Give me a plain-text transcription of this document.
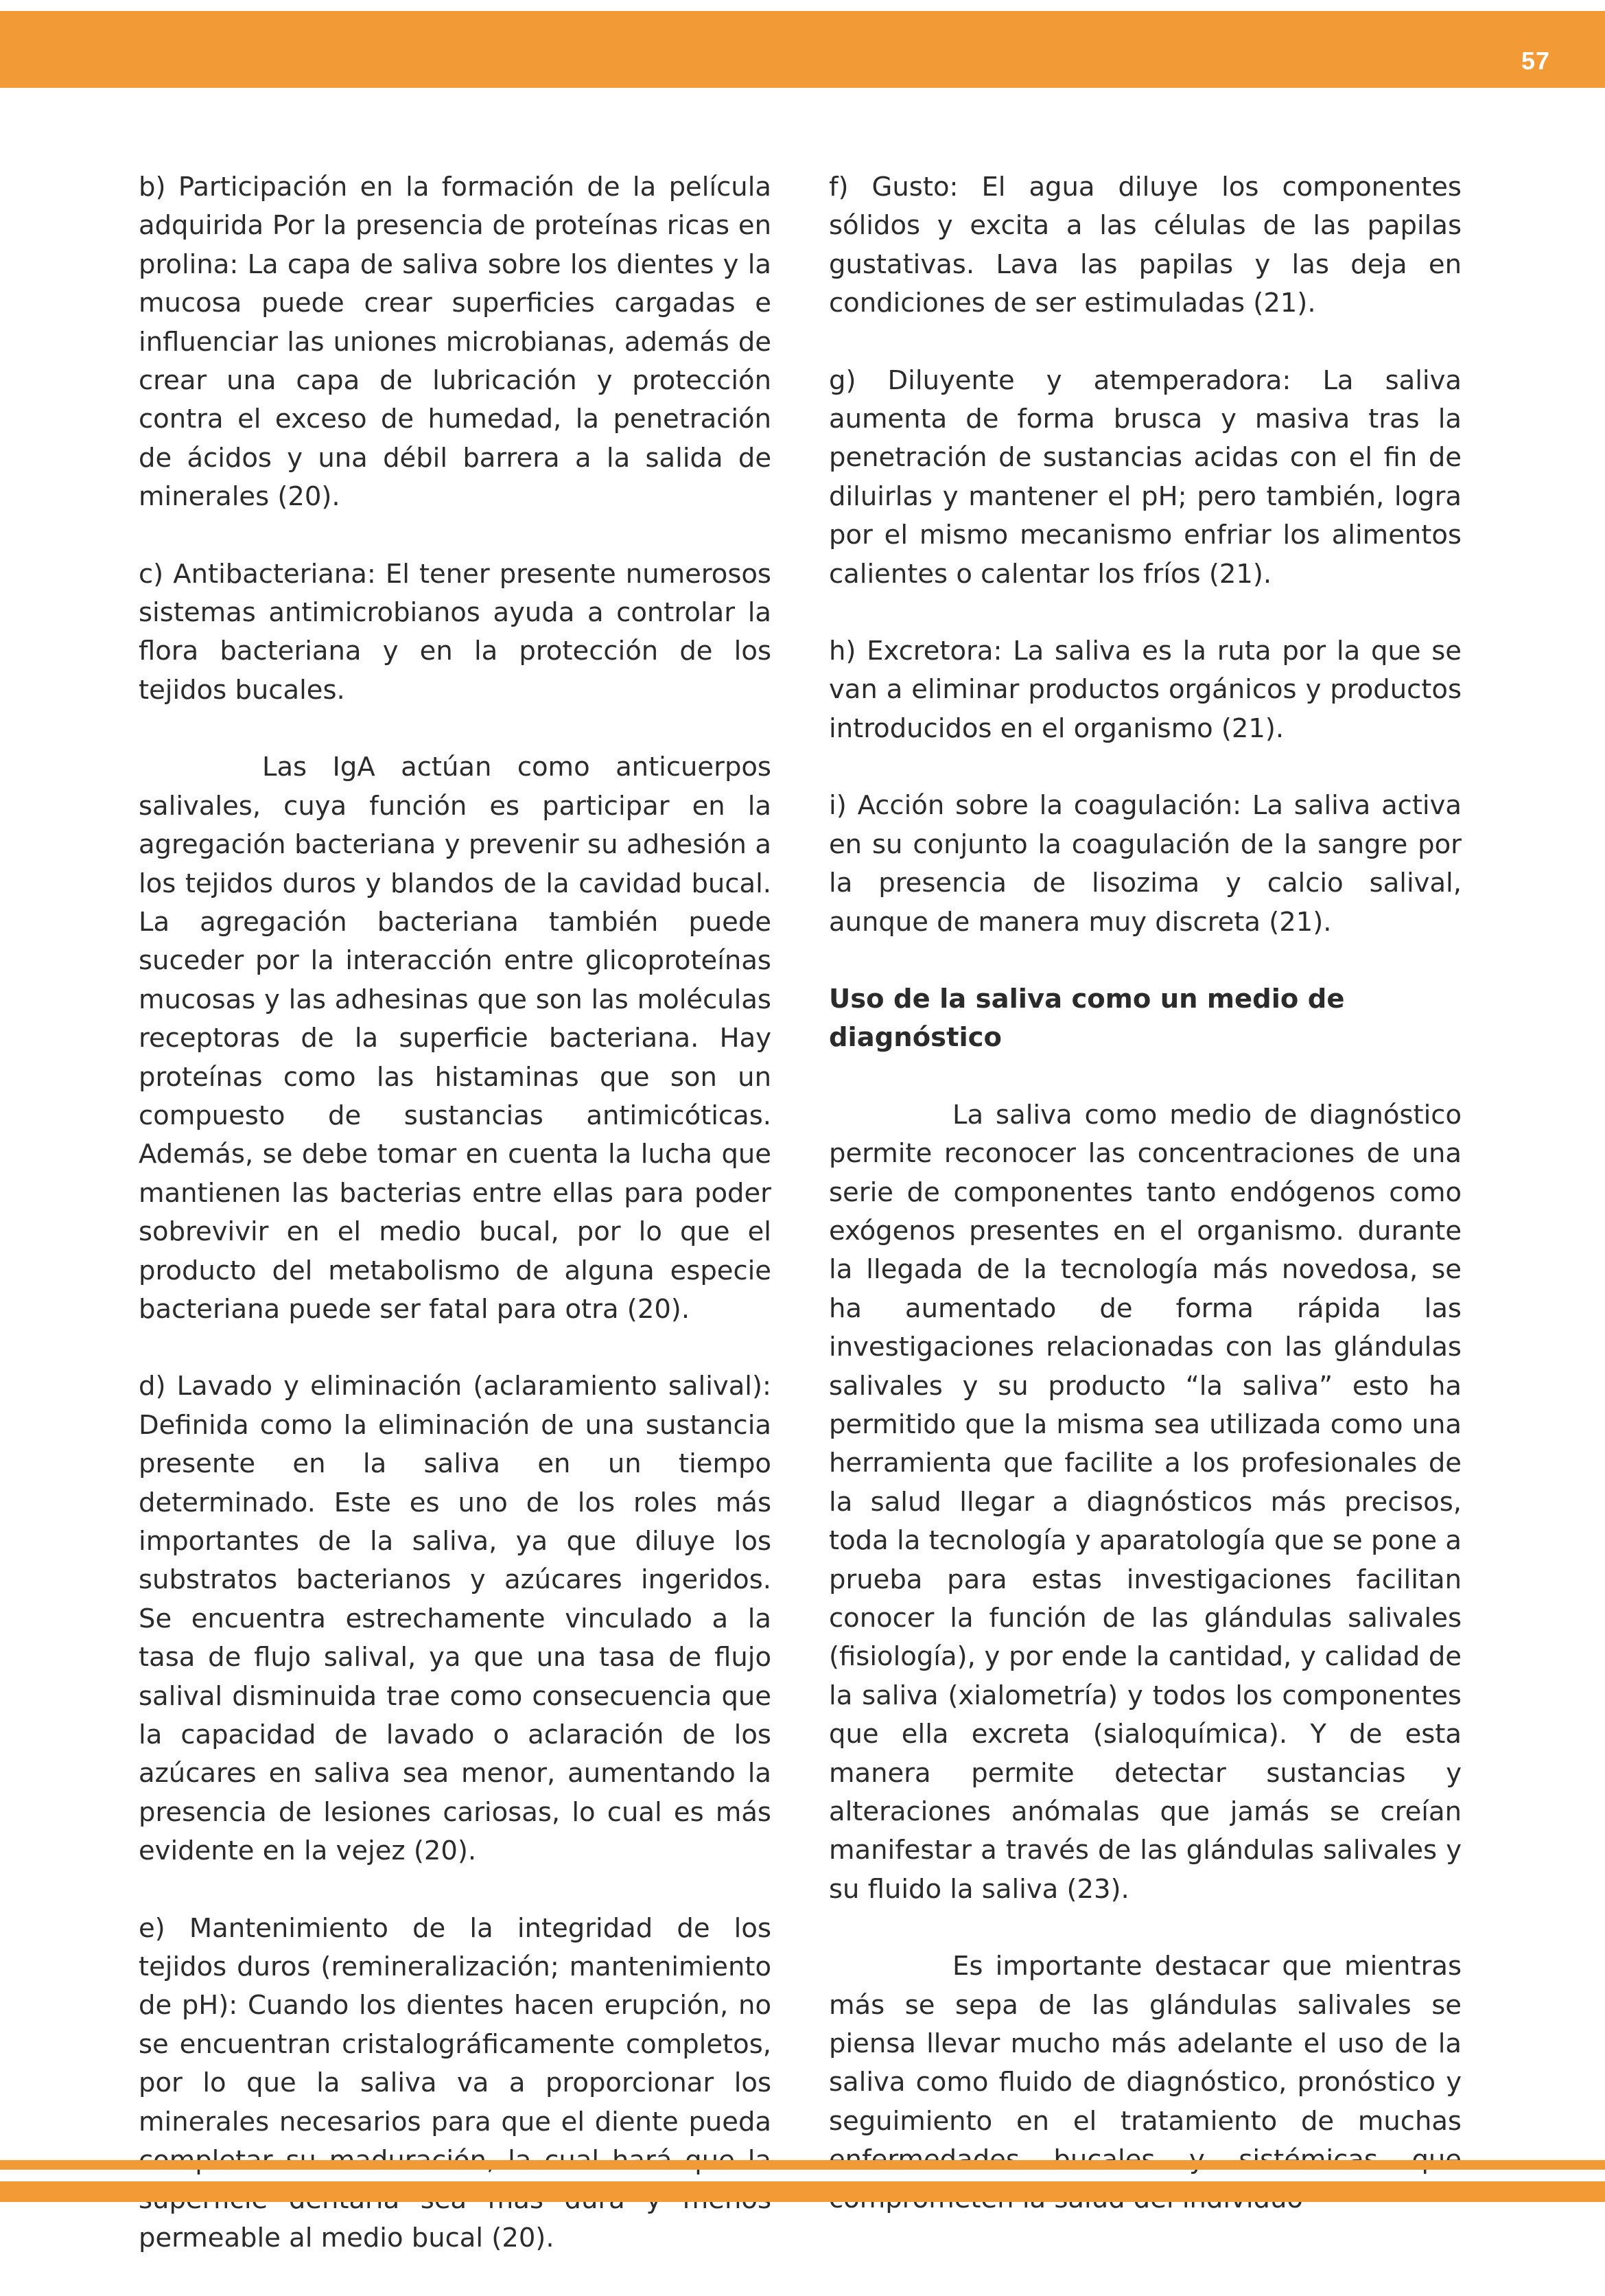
57

b) Participación en la formación de la película adquirida Por la presencia de proteínas ricas en prolina: La capa de saliva sobre los dientes y la mucosa puede crear superficies cargadas e influenciar las uniones microbianas, además de crear una capa de lubricación y protección contra el exceso de humedad, la penetración de ácidos y una débil barrera a la salida de minerales (20).

c) Antibacteriana: El tener presente numerosos sistemas antimicrobianos ayuda a controlar la flora bacteriana y en la protección de los tejidos bucales.

Las IgA actúan como anticuerpos salivales, cuya función es participar en la agregación bacteriana y prevenir su adhesión a los tejidos duros y blandos de la cavidad bucal. La agregación bacteriana también puede suceder por la interacción entre glicoproteínas mucosas y las adhesinas que son las moléculas receptoras de la superficie bacteriana. Hay proteínas como las histaminas que son un compuesto de sustancias antimicóticas. Además, se debe tomar en cuenta la lucha que mantienen las bacterias entre ellas para poder sobrevivir en el medio bucal, por lo que el producto del metabolismo de alguna especie bacteriana puede ser fatal para otra (20).

d) Lavado y eliminación (aclaramiento salival): Definida como la eliminación de una sustancia presente en la saliva en un tiempo determinado. Este es uno de los roles más importantes de la saliva, ya que diluye los substratos bacterianos y azúcares ingeridos. Se encuentra estrechamente vinculado a la tasa de flujo salival, ya que una tasa de flujo salival disminuida trae como consecuencia que la capacidad de lavado o aclaración de los azúcares en saliva sea menor, aumentando la presencia de lesiones cariosas, lo cual es más evidente en la vejez (20).

e) Mantenimiento de la integridad de los tejidos duros (remineralización; mantenimiento de pH): Cuando los dientes hacen erupción, no se encuentran cristalográficamente completos, por lo que la saliva va a proporcionar los minerales necesarios para que el diente pueda permeable al medio bucal (20).

f) Gusto: El agua diluye los componentes sólidos y excita a las células de las papilas gustativas. Lava las papilas y las deja en condiciones de ser estimuladas (21).

g) Diluyente y atemperadora: La saliva aumenta de forma brusca y masiva tras la penetración de sustancias acidas con el fin de diluirlas y mantener el pH; pero también, logra por el mismo mecanismo enfriar los alimentos calientes o calentar los fríos (21).

h) Excretora: La saliva es la ruta por la que se van a eliminar productos orgánicos y productos introducidos en el organismo (21).

i) Acción sobre la coagulación: La saliva activa en su conjunto la coagulación de la sangre por la presencia de lisozima y calcio salival, aunque de manera muy discreta (21).

Uso de la saliva como un medio de diagnóstico

La saliva como medio de diagnóstico permite reconocer las concentraciones de una serie de componentes tanto endógenos como exógenos presentes en el organismo. durante la llegada de la tecnología más novedosa, se ha aumentado de forma rápida las investigaciones relacionadas con las glándulas salivales y su producto “la saliva” esto ha permitido que la misma sea utilizada como una herramienta que facilite a los profesionales de la salud llegar a diagnósticos más precisos, toda la tecnología y aparatología que se pone a prueba para estas investigaciones facilitan conocer la función de las glándulas salivales (fisiología), y por ende la cantidad, y calidad de la saliva (xialometría) y todos los componentes que ella excreta (sialoquímica). Y de esta manera permite detectar sustancias y alteraciones anómalas que jamás se creían manifestar a través de las glándulas salivales y su fluido la saliva (23).

Es importante destacar que mientras más se sepa de las glándulas salivales se piensa llevar mucho más adelante el uso de la saliva como fluido de diagnóstico, pronóstico y seguimiento en el tratamiento de muchas
